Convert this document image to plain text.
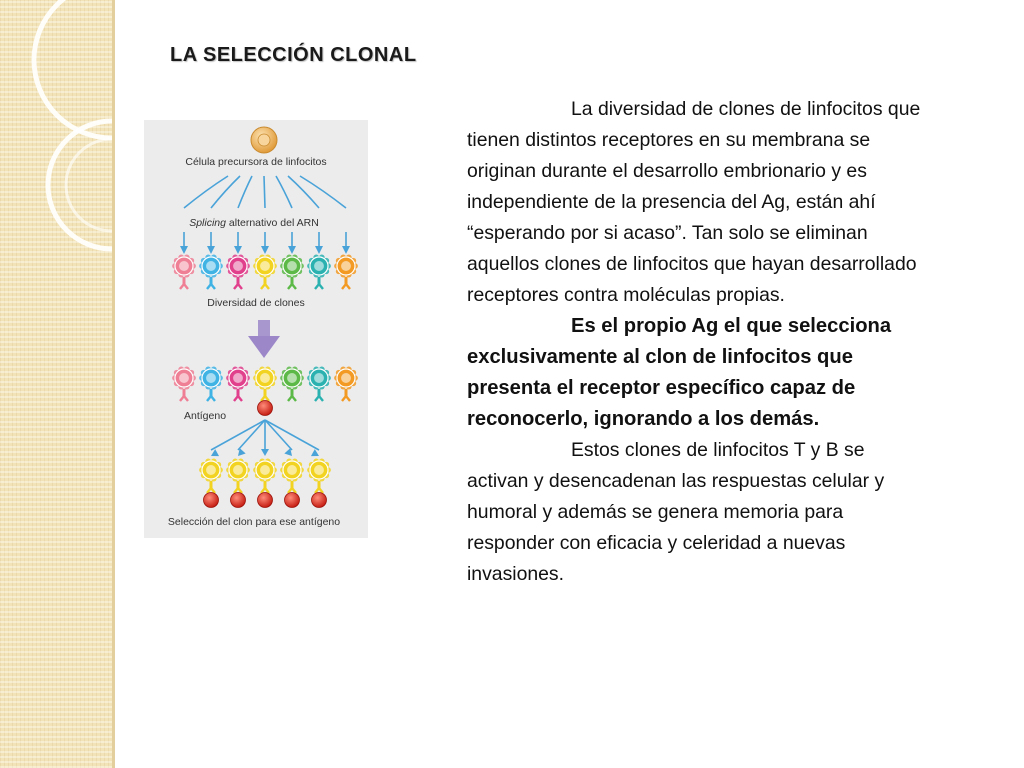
LA SELECCIÓN CLONAL
Célula precursora de linfocitos
Splicing alternativo del ARN
Diversidad de clones
Antígeno
Selección del clon para ese antígeno

La diversidad de clones de linfocitos que tienen distintos receptores en su membrana se originan durante el desarrollo embrionario y es independiente de la presencia del Ag, están ahí “esperando por si acaso”. Tan solo se eliminan aquellos clones de linfocitos que hayan desarrollado receptores contra moléculas propias.

Es el propio Ag el que selecciona exclusivamente al clon de linfocitos que presenta el receptor específico capaz de reconocerlo, ignorando a los demás.

Estos clones de linfocitos T y B se activan y desencadenan las respuestas celular y humoral y además se genera memoria para responder con eficacia y celeridad a nuevas invasiones.
